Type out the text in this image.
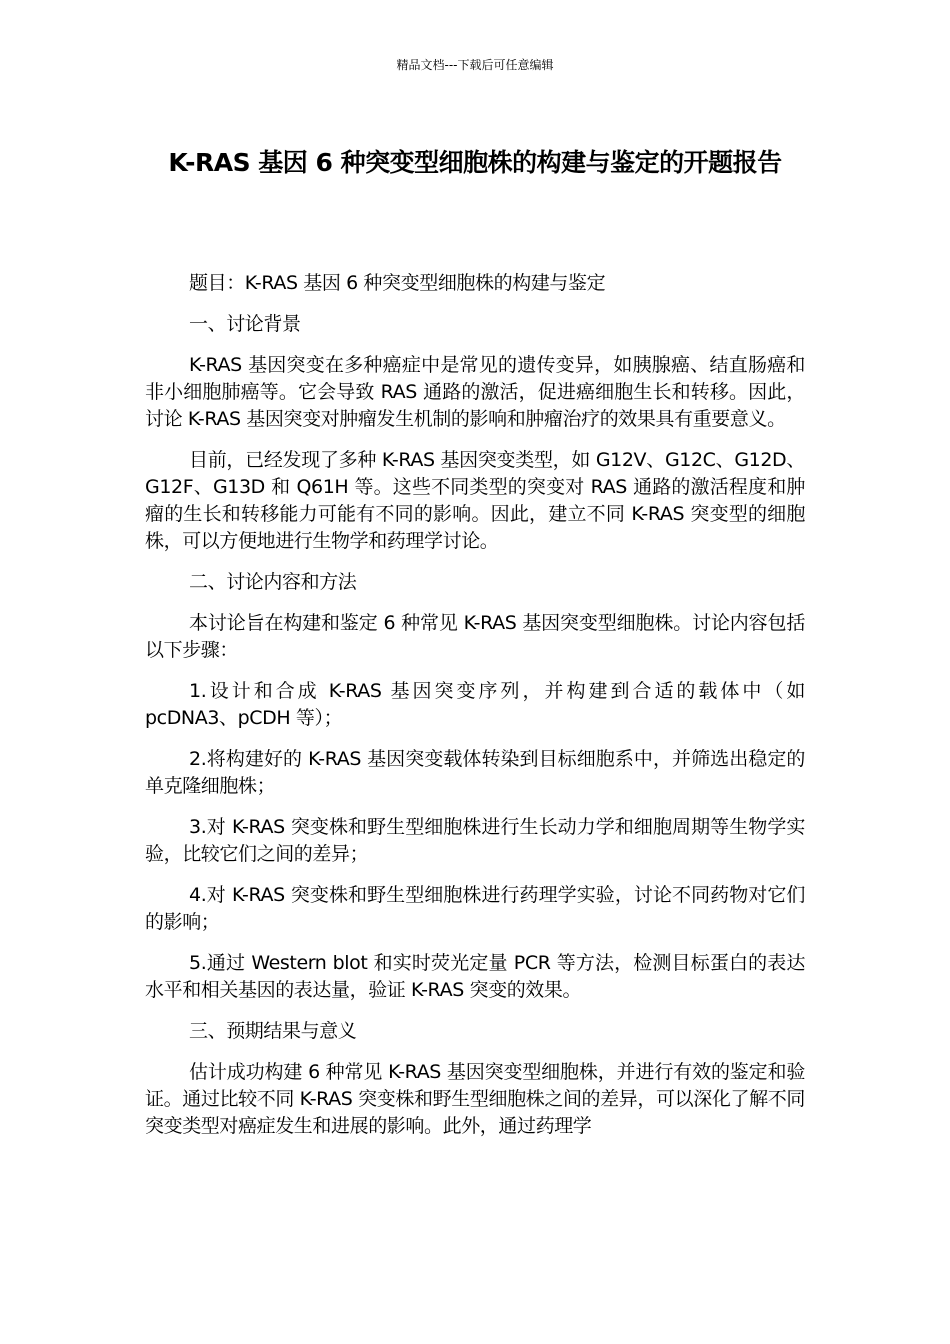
精品文档---下载后可任意编辑
K-RAS 基因 6 种突变型细胞株的构建与鉴定的开题报告

题目：K-RAS 基因 6 种突变型细胞株的构建与鉴定

一、讨论背景

K-RAS 基因突变在多种癌症中是常见的遗传变异，如胰腺癌、结直肠癌和非小细胞肺癌等。它会导致 RAS 通路的激活，促进癌细胞生长和转移。因此，讨论 K-RAS 基因突变对肿瘤发生机制的影响和肿瘤治疗的效果具有重要意义。

目前，已经发现了多种 K-RAS 基因突变类型，如 G12V、G12C、G12D、G12F、G13D 和 Q61H 等。这些不同类型的突变对 RAS 通路的激活程度和肿瘤的生长和转移能力可能有不同的影响。因此，建立不同 K-RAS 突变型的细胞株，可以方便地进行生物学和药理学讨论。

二、讨论内容和方法

本讨论旨在构建和鉴定 6 种常见 K-RAS 基因突变型细胞株。讨论内容包括以下步骤：

1.设计和合成 K-RAS 基因突变序列，并构建到合适的载体中（如 pcDNA3、pCDH 等）；

2.将构建好的 K-RAS 基因突变载体转染到目标细胞系中，并筛选出稳定的单克隆细胞株；

3.对 K-RAS 突变株和野生型细胞株进行生长动力学和细胞周期等生物学实验，比较它们之间的差异；

4.对 K-RAS 突变株和野生型细胞株进行药理学实验，讨论不同药物对它们的影响；

5.通过 Western blot 和实时荧光定量 PCR 等方法，检测目标蛋白的表达水平和相关基因的表达量，验证 K-RAS 突变的效果。

三、预期结果与意义

估计成功构建 6 种常见 K-RAS 基因突变型细胞株，并进行有效的鉴定和验证。通过比较不同 K-RAS 突变株和野生型细胞株之间的差异，可以深化了解不同突变类型对癌症发生和进展的影响。此外，通过药理学
